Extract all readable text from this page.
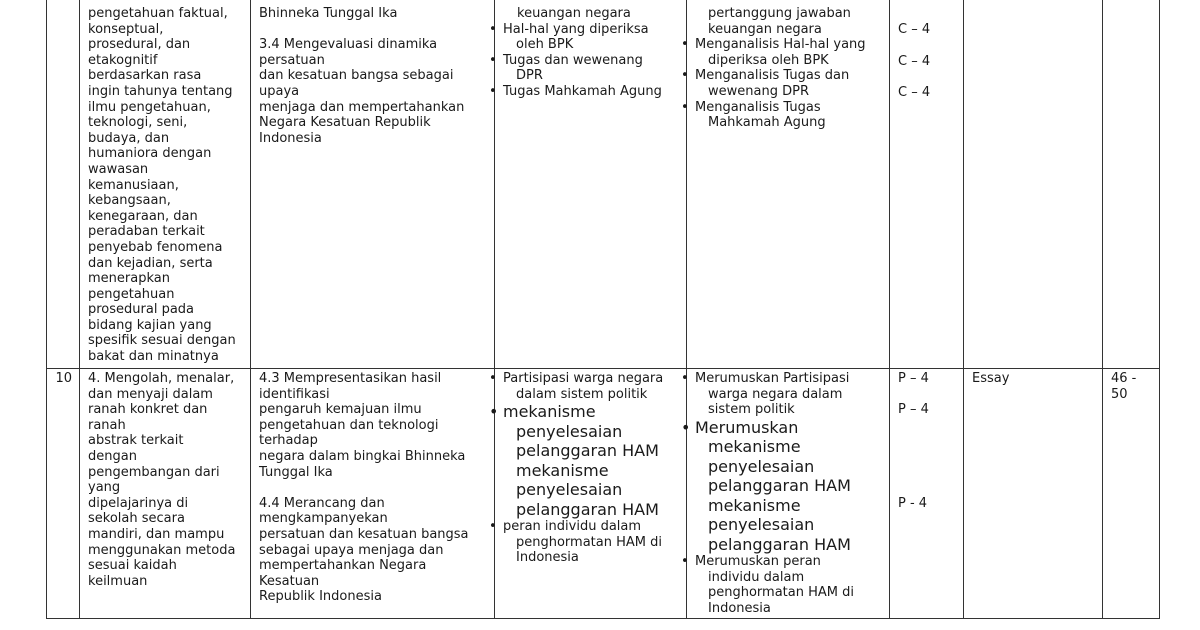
pengetahuan faktual,
konseptual,
prosedural, dan
etakognitif
berdasarkan rasa
ingin tahunya tentang
ilmu pengetahuan,
teknologi, seni,
budaya, dan
humaniora dengan
wawasan
kemanusiaan,
kebangsaan,
kenegaraan, dan
peradaban terkait
penyebab fenomena
dan kejadian, serta
menerapkan
pengetahuan
prosedural pada
bidang kajian yang
spesifik sesuai dengan
bakat dan minatnya
Bhinneka Tunggal Ika
3.4 Mengevaluasi dinamika
persatuan
dan kesatuan bangsa sebagai
upaya
menjaga dan mempertahankan
Negara Kesatuan Republik
Indonesia
keuangan negara
• Hal-hal yang diperiksa
oleh BPK
• Tugas dan wewenang
DPR
• Tugas Mahkamah Agung
pertanggung jawaban
keuangan negara
• Menganalisis Hal-hal yang
diperiksa oleh BPK
• Menganalisis Tugas dan
wewenang DPR
• Menganalisis Tugas
Mahkamah Agung
C – 4
C – 4
C – 4
10 4. Mengolah, menalar,
dan menyaji dalam
ranah konkret dan
ranah
abstrak terkait
dengan
pengembangan dari
yang
dipelajarinya di
sekolah secara
mandiri, dan mampu
menggunakan metoda
sesuai kaidah
keilmuan
4.3 Mempresentasikan hasil
identifikasi
pengaruh kemajuan ilmu
pengetahuan dan teknologi
terhadap
negara dalam bingkai Bhinneka
Tunggal Ika
4.4 Merancang dan
mengkampanyekan
persatuan dan kesatuan bangsa
sebagai upaya menjaga dan
mempertahankan Negara
Kesatuan
Republik Indonesia
• Partisipasi warga negara
dalam sistem politik
• mekanisme
penyelesaian
pelanggaran HAM
mekanisme
penyelesaian
pelanggaran HAM
• peran individu dalam
penghormatan HAM di
Indonesia
• Merumuskan Partisipasi
warga negara dalam
sistem politik
• Merumuskan
mekanisme
penyelesaian
pelanggaran HAM
mekanisme
penyelesaian
pelanggaran HAM
• Merumuskan peran
individu dalam
penghormatan HAM di
Indonesia
P – 4
P – 4
P - 4
Essay	46 - 50
